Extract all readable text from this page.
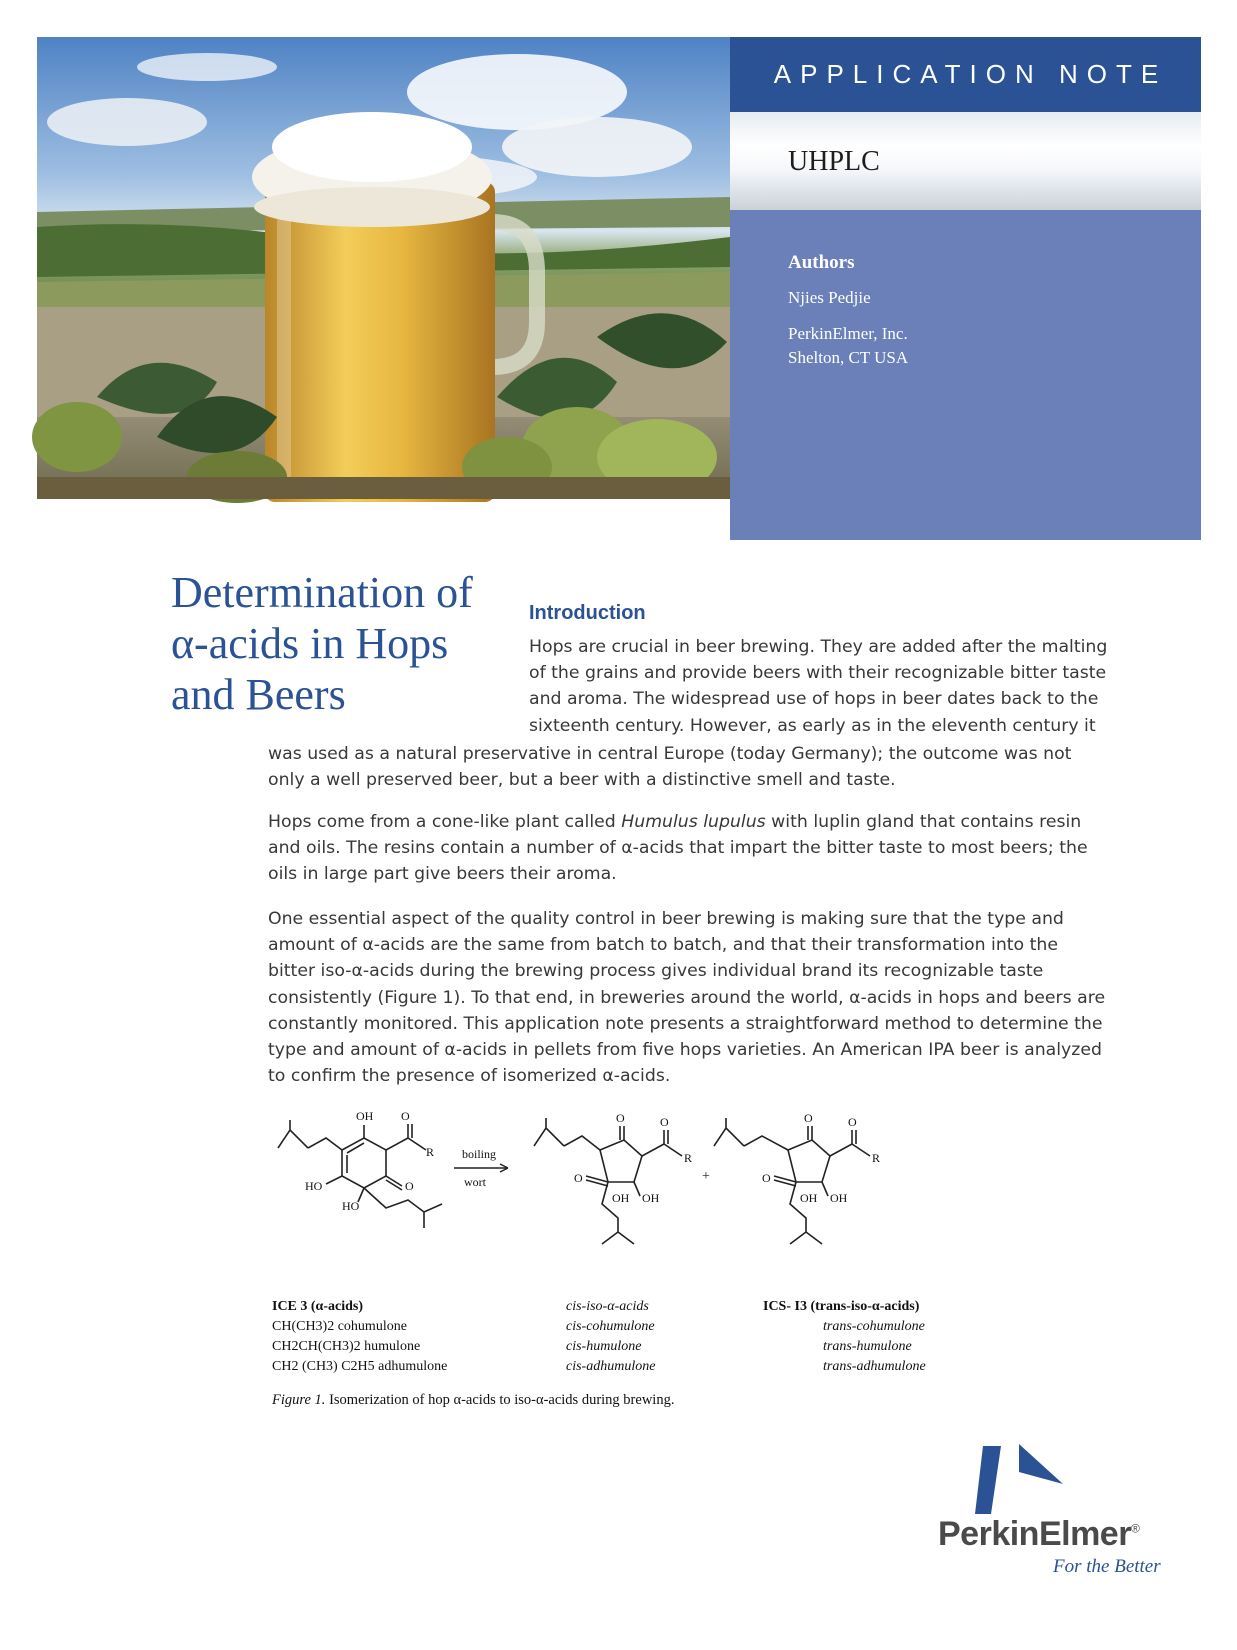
APPLICATION NOTE
UHPLC
Authors
Njies Pedjie
PerkinElmer, Inc.
Shelton, CT USA
Determination of α-acids in Hops and Beers
Introduction

Hops are crucial in beer brewing. They are added after the malting of the grains and provide beers with their recognizable bitter taste and aroma. The widespread use of hops in beer dates back to the sixteenth century. However, as early as in the eleventh century it

was used as a natural preservative in central Europe (today Germany); the outcome was not only a well preserved beer, but a beer with a distinctive smell and taste.

Hops come from a cone-like plant called Humulus lupulus with luplin gland that contains resin and oils. The resins contain a number of α-acids that impart the bitter taste to most beers; the oils in large part give beers their aroma.

One essential aspect of the quality control in beer brewing is making sure that the type and amount of α-acids are the same from batch to batch, and that their transformation into the bitter iso-α-acids during the brewing process gives individual brand its recognizable taste consistently (Figure 1). To that end, in breweries around the world, α-acids in hops and beers are constantly monitored. This application note presents a straightforward method to determine the type and amount of α-acids in pellets from five hops varieties. An American IPA beer is analyzed to confirm the presence of isomerized α-acids.

OH O
R
O
HO
HO
boiling
wort
O	O
R
O
OH OH
+
O	O
R
O
OH OH
ICE 3 (α-acids)
CH(CH3)2 cohumulone
CH2CH(CH3)2 humulone
CH2 (CH3) C2H5 adhumulone
cis-iso-α-acids
cis-cohumulone
cis-humulone
cis-adhumulone
ICS- I3 (trans-iso-α-acids)
trans-cohumulone
trans-humulone
trans-adhumulone
Figure 1. Isomerization of hop α-acids to iso-α-acids during brewing.
PerkinElmer®
For the Better
